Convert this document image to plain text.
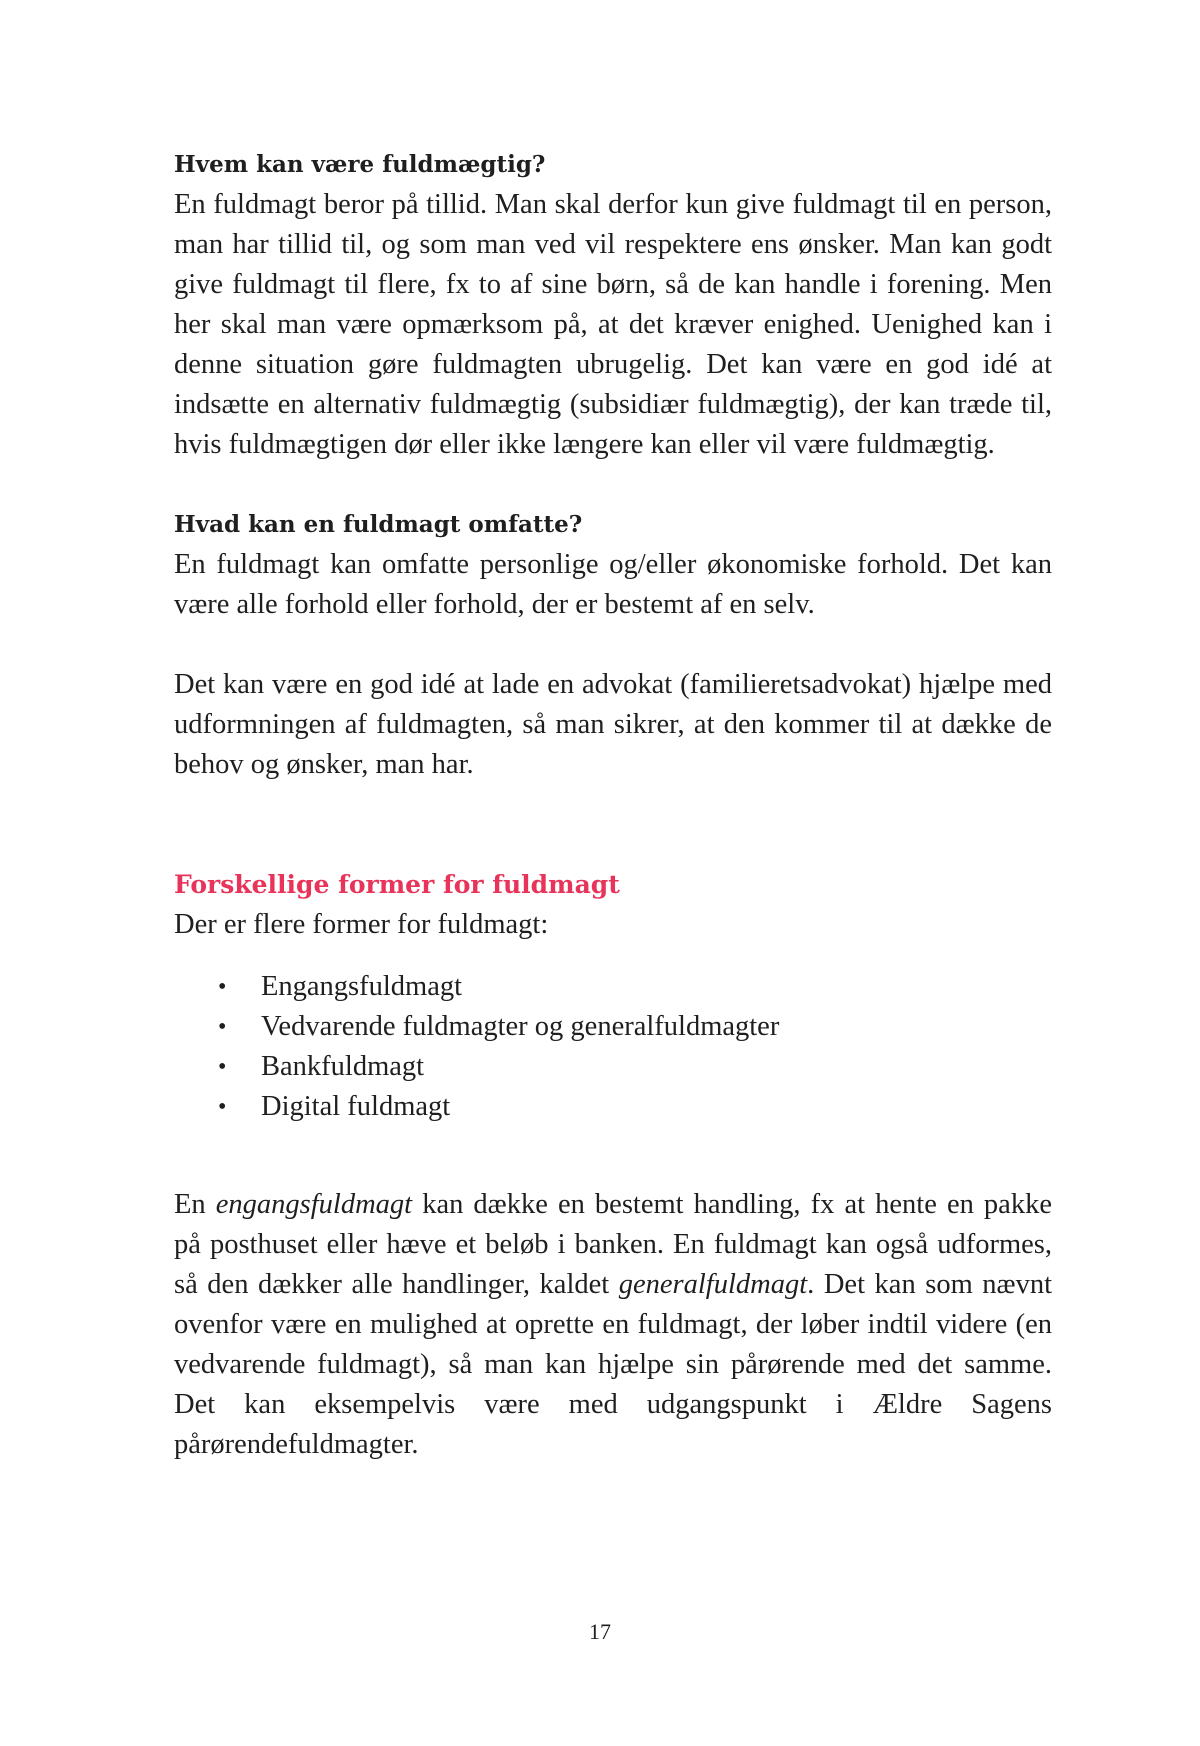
Hvem kan være fuldmægtig?

En fuldmagt beror på tillid. Man skal derfor kun give fuldmagt til en person, man har tillid til, og som man ved vil respektere ens ønsker. Man kan godt give fuldmagt til flere, fx to af sine børn, så de kan handle i forening. Men her skal man være opmærksom på, at det kræver enighed. Uenighed kan i denne situation gøre fuldmagten ubrugelig. Det kan være en god idé at indsætte en alternativ fuldmægtig (subsidiær fuldmægtig), der kan træde til, hvis fuldmægtigen dør eller ikke længere kan eller vil være fuldmægtig.

Hvad kan en fuldmagt omfatte?

En fuldmagt kan omfatte personlige og/eller økonomiske forhold. Det kan være alle forhold eller forhold, der er bestemt af en selv.

Det kan være en god idé at lade en advokat (familieretsadvokat) hjælpe med udformningen af fuldmagten, så man sikrer, at den kommer til at dække de behov og ønsker, man har.

Forskellige former for fuldmagt

Der er flere former for fuldmagt:

• Engangsfuldmagt
• Vedvarende fuldmagter og generalfuldmagter
• Bankfuldmagt
• Digital fuldmagt

En engangsfuldmagt kan dække en bestemt handling, fx at hente en pakke på posthuset eller hæve et beløb i banken. En fuldmagt kan også udformes, så den dækker alle handlinger, kaldet generalfuldmagt. Det kan som nævnt ovenfor være en mulighed at oprette en fuldmagt, der løber indtil videre (en vedvarende fuldmagt), så man kan hjælpe sin pårørende med det samme. Det kan eksempelvis være med udgangspunkt i Ældre Sagens pårørendefuldmagter.

17
